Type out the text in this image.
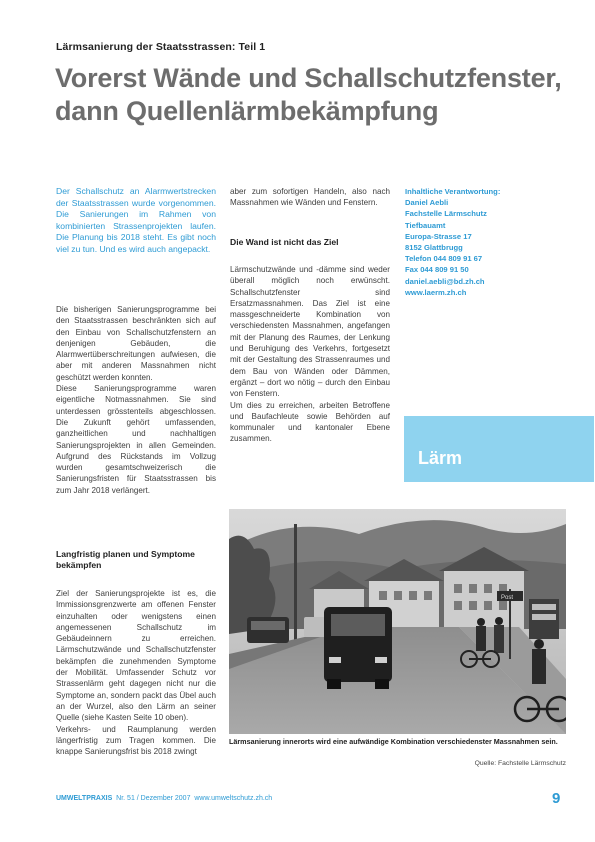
Lärmsanierung der Staatsstrassen: Teil 1
Vorerst Wände und Schallschutzfenster, dann Quellenlärmbekämpfung
Der Schallschutz an Alarmwertstrecken der Staatsstrassen wurde vorgenommen. Die Sanierungen im Rahmen von kombinierten Strassenprojekten laufen. Die Planung bis 2018 steht. Es gibt noch viel zu tun. Und es wird auch angepackt.

Die bisherigen Sanierungsprogramme bei den Staatsstrassen beschränkten sich auf den Einbau von Schallschutzfenstern an denjenigen Gebäuden, die Alarmwertüberschreitungen aufwiesen, die aber mit anderen Massnahmen nicht geschützt werden konnten.

Diese Sanierungsprogramme waren eigentliche Notmassnahmen. Sie sind unterdessen grösstenteils abgeschlossen. Die Zukunft gehört umfassenden, ganzheitlichen und nachhaltigen Sanierungsprojekten in allen Gemeinden. Aufgrund des Rückstands im Vollzug wurden gesamtschweizerisch die Sanierungsfristen für Staatsstrassen bis zum Jahr 2018 verlängert.

Langfristig planen und Symptome bekämpfen

Ziel der Sanierungsprojekte ist es, die Immissionsgrenzwerte am offenen Fenster einzuhalten oder wenigstens einen angemessenen Schallschutz im Gebäudeinnern zu erreichen. Lärmschutzwände und Schallschutzfenster bekämpfen die zunehmenden Symptome der Mobilität. Umfassender Schutz vor Strassenlärm geht dagegen nicht nur die Symptome an, sondern packt das Übel auch an der Wurzel, also den Lärm an seiner Quelle (siehe Kasten Seite 10 oben).

Verkehrs- und Raumplanung werden längerfristig zum Tragen kommen. Die knappe Sanierungsfrist bis 2018 zwingt

aber zum sofortigen Handeln, also nach Massnahmen wie Wänden und Fenstern.

Die Wand ist nicht das Ziel

Lärmschutzwände und -dämme sind weder überall möglich noch erwünscht. Schallschutzfenster sind Ersatzmassnahmen. Das Ziel ist eine massgeschneiderte Kombination von verschiedensten Massnahmen, angefangen mit der Planung des Raumes, der Lenkung und Beruhigung des Verkehrs, fortgesetzt mit der Gestaltung des Strassenraumes und dem Bau von Wänden oder Dämmen, ergänzt – dort wo nötig – durch den Einbau von Fenstern.

Um dies zu erreichen, arbeiten Betroffene und Baufachleute sowie Behörden auf kommunaler und kantonaler Ebene zusammen.

Inhaltliche Verantwortung:
Daniel Aebli
Fachstelle Lärmschutz
Tiefbauamt
Europa-Strasse 17
8152 Glattbrugg
Telefon 044 809 91 67
Fax 044 809 91 50
daniel.aebli@bd.zh.ch
www.laerm.zh.ch
Lärm
Post
Lärmsanierung innerorts wird eine aufwändige Kombination verschiedenster Massnahmen sein.
Quelle: Fachstelle Lärmschutz
UMWELTPRAXIS Nr. 51 / Dezember 2007 www.umweltschutz.zh.ch	9
